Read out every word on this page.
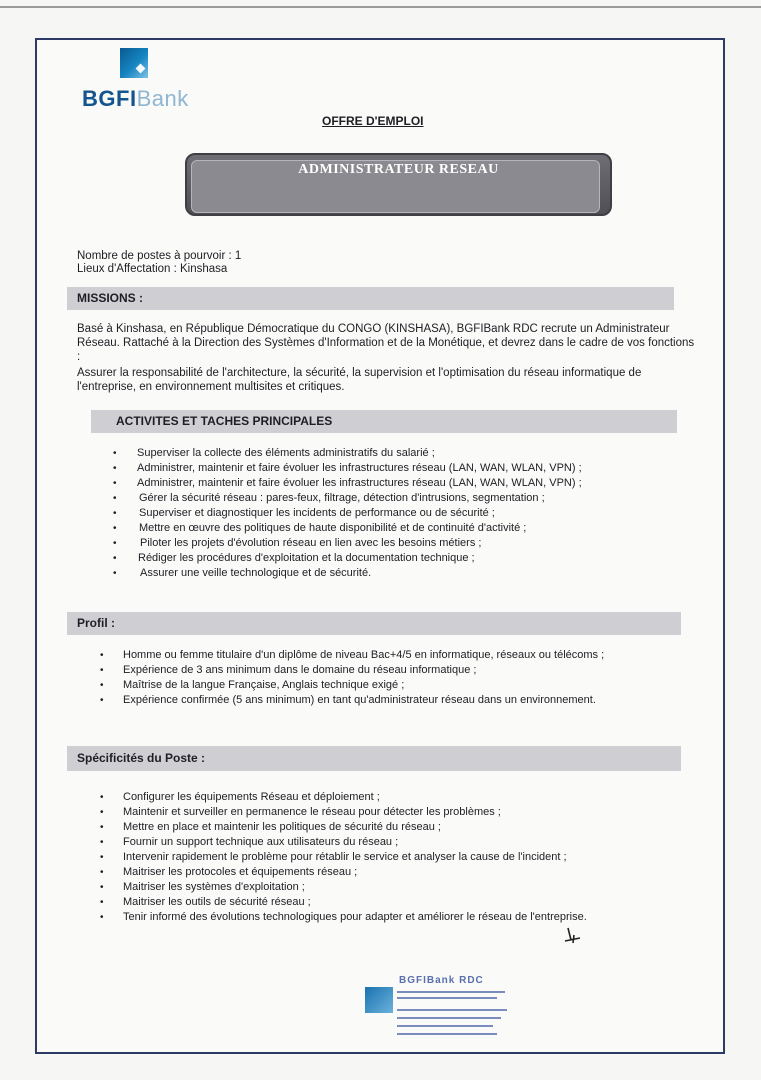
BGFIBank
OFFRE D'EMPLOI
ADMINISTRATEUR RESEAU
Nombre de postes à pourvoir : 1
Lieux d'Affectation : Kinshasa
MISSIONS :
Basé à Kinshasa, en République Démocratique du CONGO (KINSHASA), BGFIBank RDC recrute un Administrateur Réseau. Rattaché à la Direction des Systèmes d'Information et de la Monétique, et devrez dans le cadre de vos fonctions :
Assurer la responsabilité de l'architecture, la sécurité, la supervision et l'optimisation du réseau informatique de l'entreprise, en environnement multisites et critiques.
ACTIVITES ET TACHES PRINCIPALES
• Superviser la collecte des éléments administratifs du salarié ;
• Administrer, maintenir et faire évoluer les infrastructures réseau (LAN, WAN, WLAN, VPN) ;
• Administrer, maintenir et faire évoluer les infrastructures réseau (LAN, WAN, WLAN, VPN) ;
• Gérer la sécurité réseau : pares-feux, filtrage, détection d'intrusions, segmentation ;
• Superviser et diagnostiquer les incidents de performance ou de sécurité ;
• Mettre en œuvre des politiques de haute disponibilité et de continuité d'activité ;
• Piloter les projets d'évolution réseau en lien avec les besoins métiers ;
• Rédiger les procédures d'exploitation et la documentation technique ;
• Assurer une veille technologique et de sécurité.
Profil :
• Homme ou femme titulaire d'un diplôme de niveau Bac+4/5 en informatique, réseaux ou télécoms ;
• Expérience de 3 ans minimum dans le domaine du réseau informatique ;
• Maîtrise de la langue Française, Anglais technique exigé ;
• Expérience confirmée (5 ans minimum) en tant qu'administrateur réseau dans un environnement.
Spécificités du Poste :
• Configurer les équipements Réseau et déploiement ;
• Maintenir et surveiller en permanence le réseau pour détecter les problèmes ;
• Mettre en place et maintenir les politiques de sécurité du réseau ;
• Fournir un support technique aux utilisateurs du réseau ;
• Intervenir rapidement le problème pour rétablir le service et analyser la cause de l'incident ;
• Maitriser les protocoles et équipements réseau ;
• Maitriser les systèmes d'exploitation ;
• Maitriser les outils de sécurité réseau ;
• Tenir informé des évolutions technologiques pour adapter et améliorer le réseau de l'entreprise.
BGFIBank RDC
